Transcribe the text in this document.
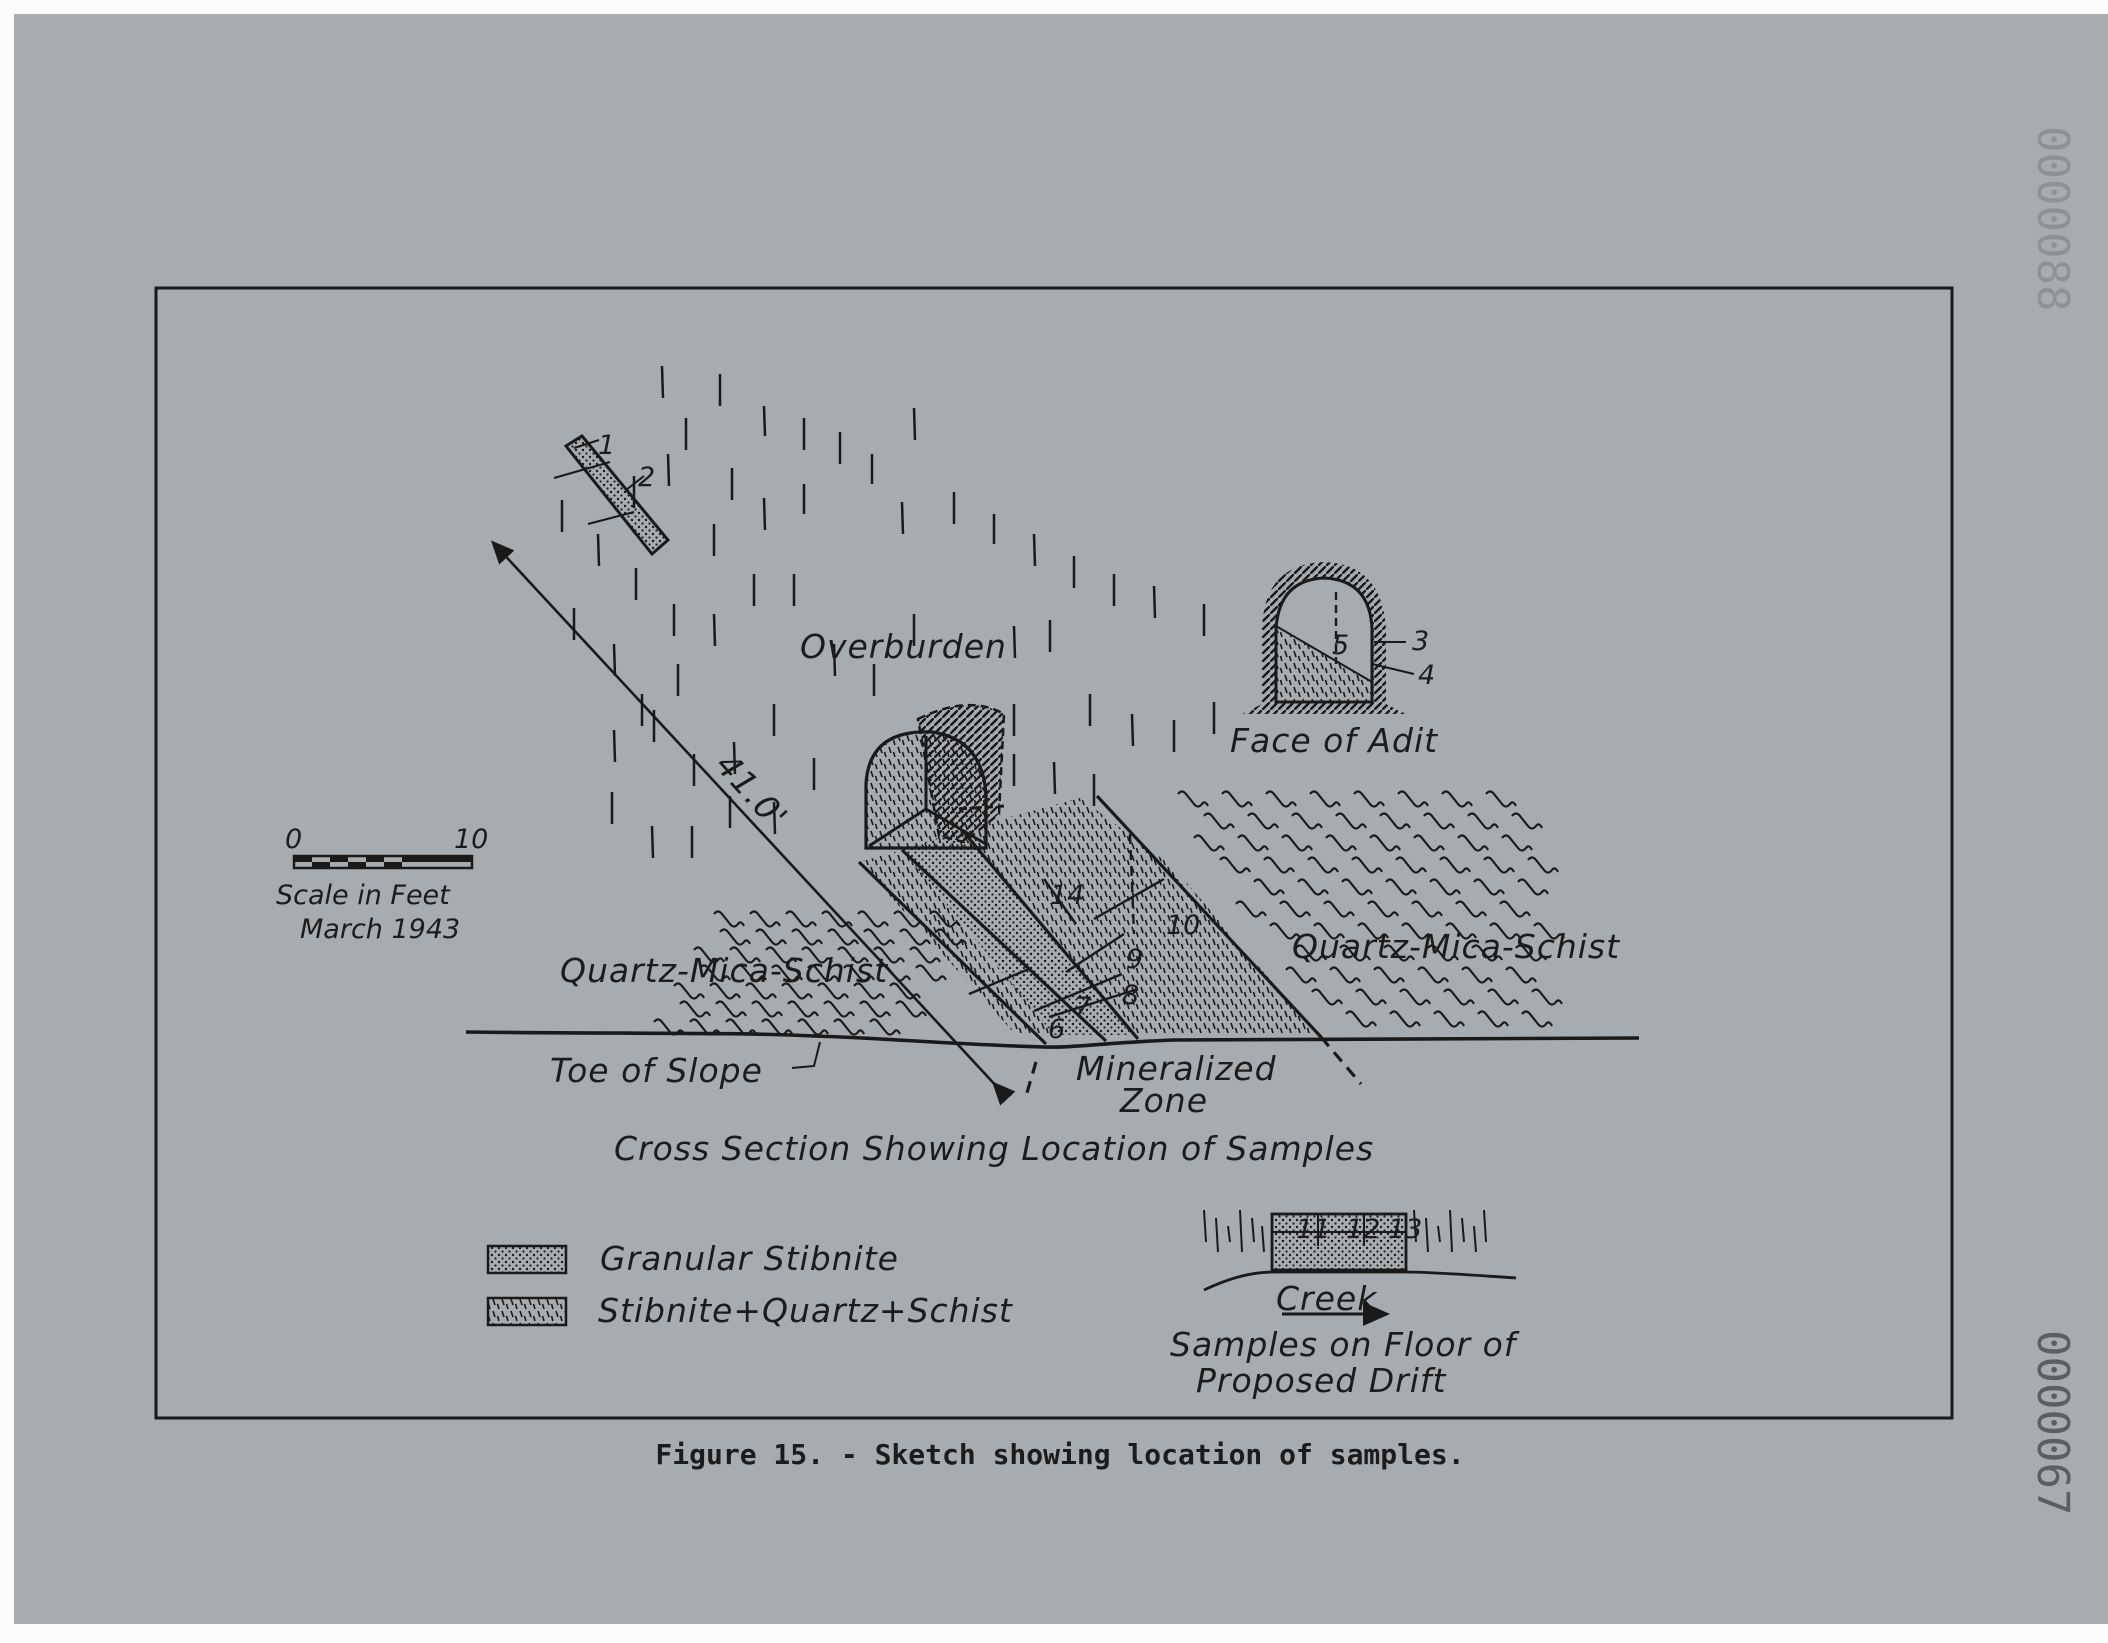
41.0'
Overburden
Face of Adit
Quartz-Mica-Schist
Quartz-Mica-Schist
Toe of Slope	Mineralized
Zone
Cross Section Showing Location of Samples
0	10
Scale in Feet
March 1943
1
2
3
4
5
6
7 8
9
10
11 12 13
14
Granular Stibnite
Stibnite+Quartz+Schist	Creek
Samples on Floor of
Proposed Drift
Figure 15. - Sketch showing location of samples.
0000088
0000067
